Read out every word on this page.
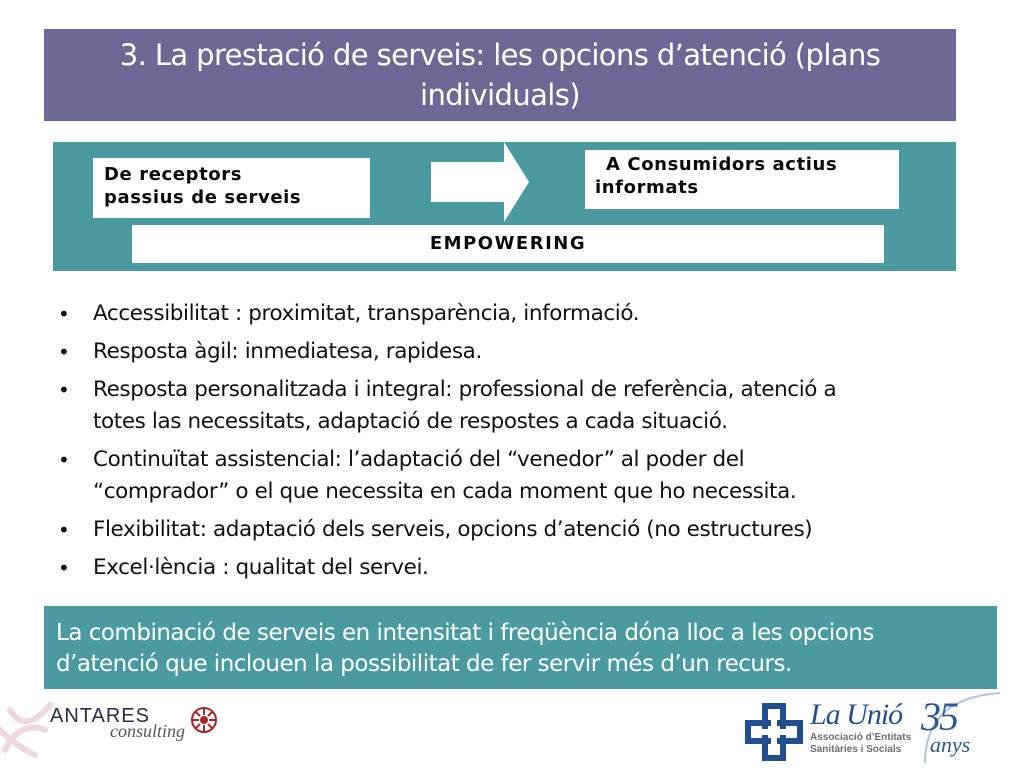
3. La prestació de serveis: les opcions d’atenció (plans
individuals)
De receptors
passius de serveis
A Consumidors actius
informats
EMPOWERING
• Accessibilitat : proximitat, transparència, informació.
• Resposta àgil: inmediatesa, rapidesa.
• Resposta personalitzada i integral: professional de referència, atenció a
totes las necessitats, adaptació de respostes a cada situació.
• Continuïtat assistencial: l’adaptació del “venedor” al poder del
“comprador” o el que necessita en cada moment que ho necessita.
• Flexibilitat: adaptació dels serveis, opcions d’atenció (no estructures)
• Excel·lència : qualitat del servei.
La combinació de serveis en intensitat i freqüència dóna lloc a les opcions
d’atenció que inclouen la possibilitat de fer servir més d’un recurs.
ANTARES
consulting	La Unió
Associació d’Entitats
Sanitàries i Socials
35
anys
